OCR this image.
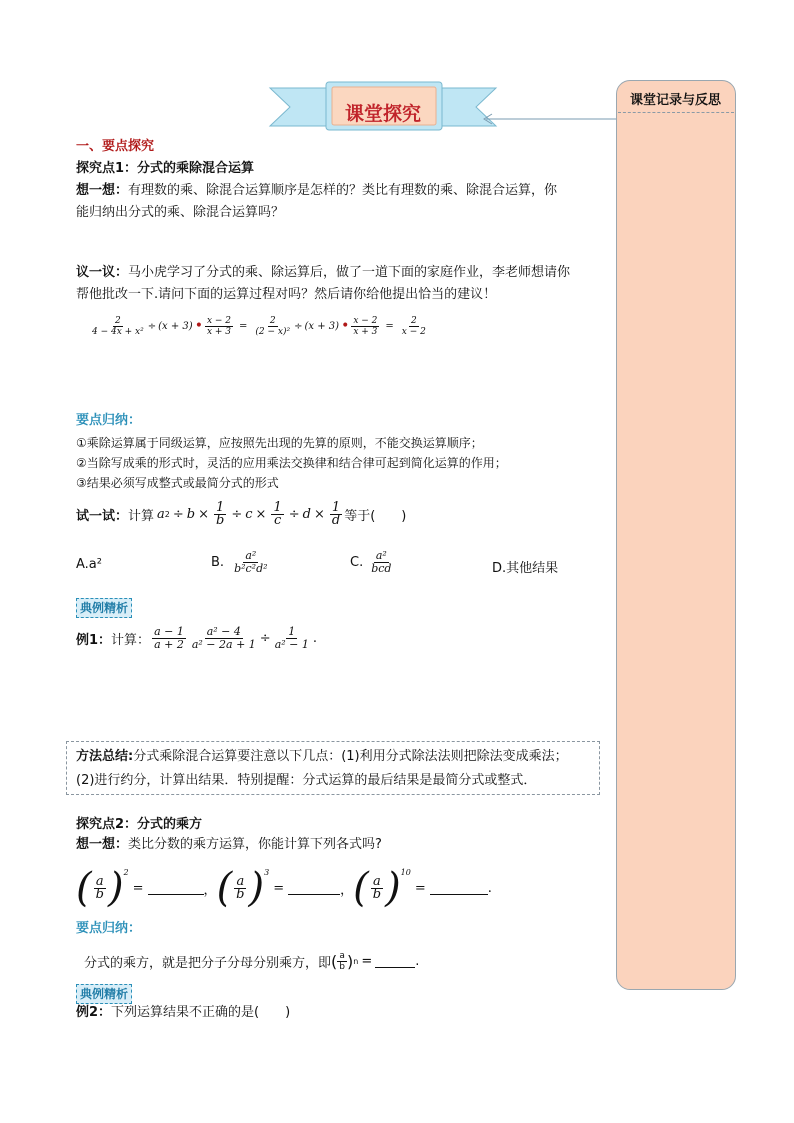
课堂探究
课堂记录与反思
一、要点探究
探究点1：分式的乘除混合运算
想一想：有理数的乘、除混合运算顺序是怎样的？类比有理数的乘、除混合运算，你
能归纳出分式的乘、除混合运算吗？
议一议：马小虎学习了分式的乘、除运算后，做了一道下面的家庭作业，李老师想请你
帮他批改一下.请问下面的运算过程对吗？然后请你给他提出恰当的建议！
$\frac{2}{\text{4 − 4x + x²}} \div (x + 3)$ • $\frac{x - 2}{x + 3} = \frac{2}{\text{(2 − x)²}} \div (x + 3)$ • $\frac{x - 2}{x + 3} = \frac{2}{x - 2}$
要点归纳：
①乘除运算属于同级运算，应按照先出现的先算的原则，不能交换运算顺序；
②当除写成乘的形式时，灵活的应用乘法交换律和结合律可起到简化运算的作用；
③结果必须写成整式或最简分式的形式
试一试： 计算 a $2 \div b \times \frac{1}{b} \div c \times \frac{1}{c} \div d \times \frac{1}{d}$ 等于(　　)
A.a²	B. $\frac{\text{a²}}{\text{b²c²d²}}$	C. $\frac{\text{a²}}{\text{bcd}}$	D.其他结果
典例精析
例1： 计算： $\frac{a - 1}{a + 2} \frac{\text{a² − 4}}{\text{a² − 2a + 1}} \div \frac{1}{\text{a² − 1}}$ .
方法总结:分式乘除混合运算要注意以下几点：(1)利用分式除法法则把除法变成乘法；
(2)进行约分，计算出结果．特别提醒：分式运算的最后结果是最简分式或整式．
探究点2：分式的乘方
想一想：类比分数的乘方运算，你能计算下列各式吗?
( $\frac{a}{b}$ ) 2
=	， ( $\frac{a}{b}$ ) 3
=	， ( $\frac{a}{b}$ ) 10
=	.
要点归纳：
分式的乘方，就是把分子分母分别乘方，即 ( $\frac{a}{b}$ ) n =	.
典例精析
例2：下列运算结果不正确的是(　　)
